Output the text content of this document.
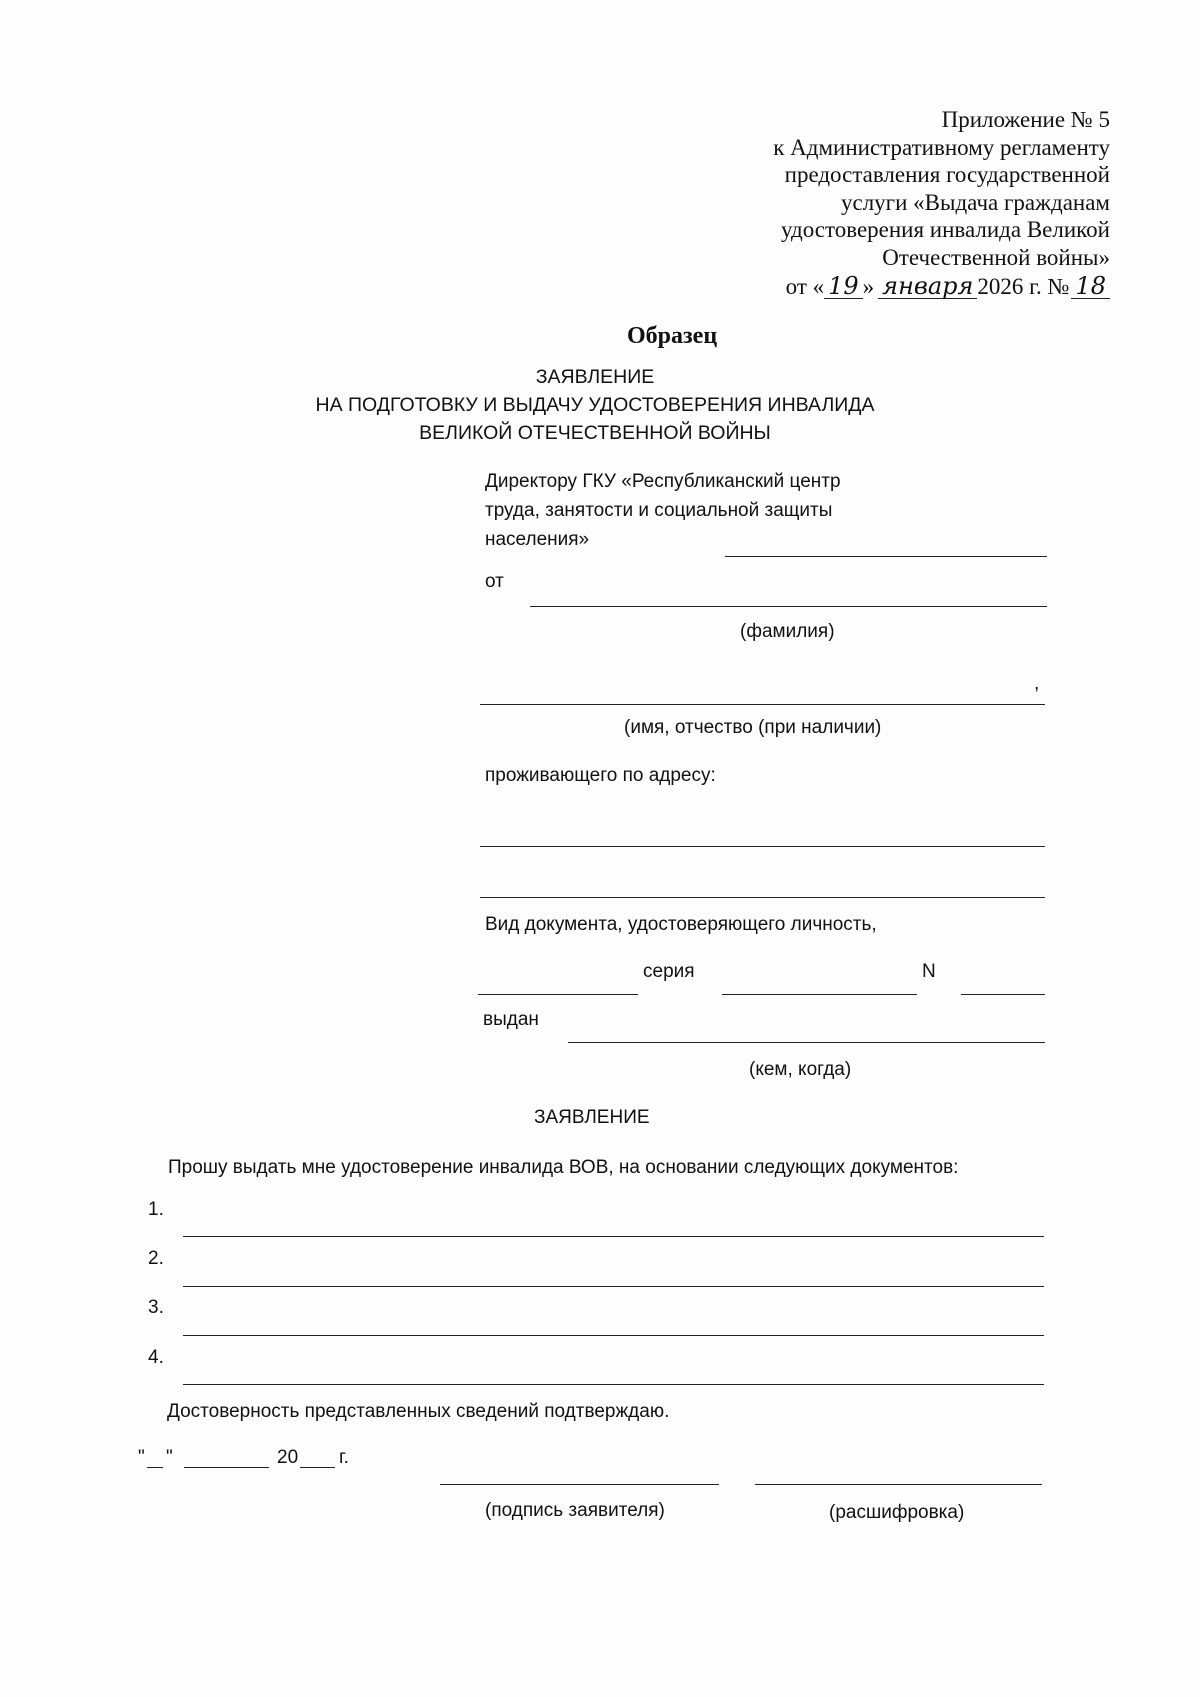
Приложение № 5
к Административному регламенту
предоставления государственной
услуги «Выдача гражданам
удостоверения инвалида Великой
Отечественной войны»
от « 19 » января 2026 г. № 18
Образец
ЗАЯВЛЕНИЕ
НА ПОДГОТОВКУ И ВЫДАЧУ УДОСТОВЕРЕНИЯ ИНВАЛИДА
ВЕЛИКОЙ ОТЕЧЕСТВЕННОЙ ВОЙНЫ
Директору ГКУ «Республиканский центр
труда, занятости и социальной защиты
населения»
от
(фамилия)
,
(имя, отчество (при наличии)
проживающего по адресу:
Вид документа, удостоверяющего личность,
серия	N
выдан
(кем, когда)
ЗАЯВЛЕНИЕ
Прошу выдать мне удостоверение инвалида ВОВ, на основании следующих документов:
1.
2.
3.
4.
Достоверность представленных сведений подтверждаю.
" "	20 г.
(подпись заявителя)	(расшифровка)
